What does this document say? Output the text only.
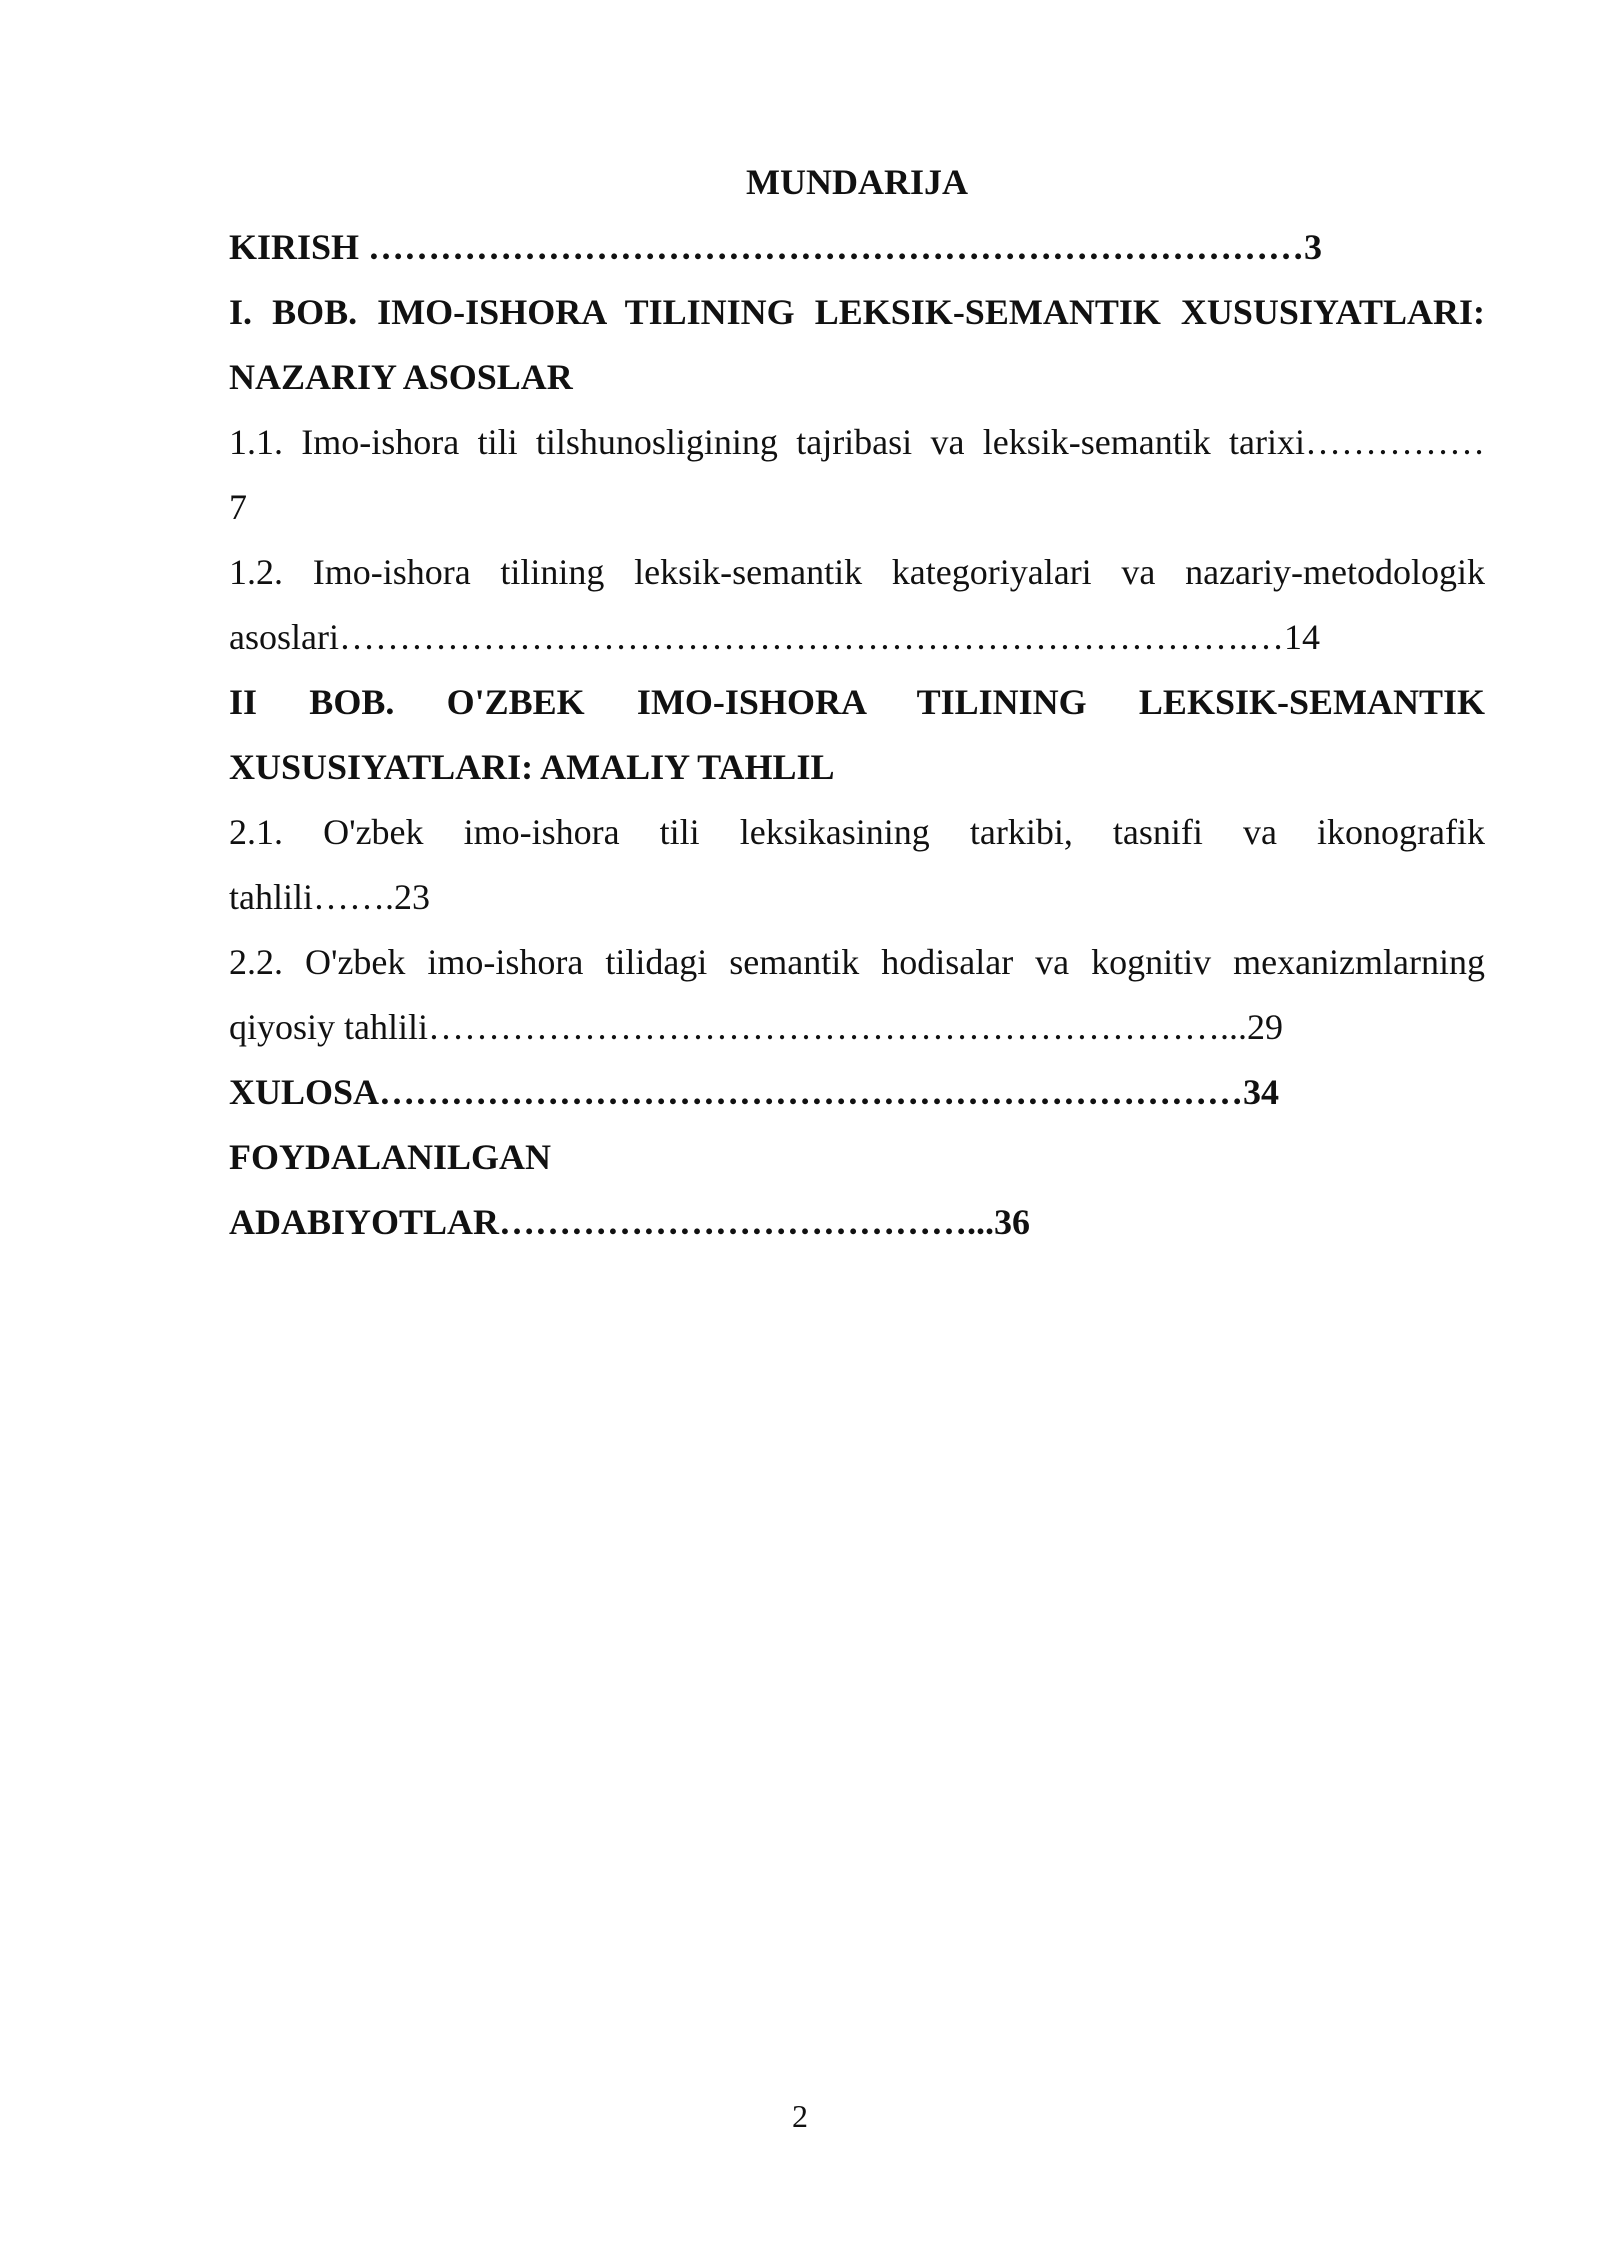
MUNDARIJA

KIRISH ……………………………………………………………………3

I. BOB. IMO-ISHORA TILINING LEKSIK-SEMANTIK XUSUSIYATLARI:

NAZARIY ASOSLAR

1.1. Imo-ishora tili tilshunosligining tajribasi va leksik-semantik tarixi……………

7

1.2. Imo-ishora tilining leksik-semantik kategoriyalari va nazariy-metodologik

asoslari………………………………………………………………….…14

II BOB. O'ZBEK IMO-ISHORA TILINING LEKSIK-SEMANTIK

XUSUSIYATLARI: AMALIY TAHLIL

2.1. O'zbek imo-ishora tili leksikasining tarkibi, tasnifi va ikonografik

tahlili…….23

2.2. O'zbek imo-ishora tilidagi semantik hodisalar va kognitiv mexanizmlarning

qiyosiy tahlili…………………………………………………………...29

XULOSA………………………………………………………………34

FOYDALANILGAN

ADABIYOTLAR…………………………………...36

2
